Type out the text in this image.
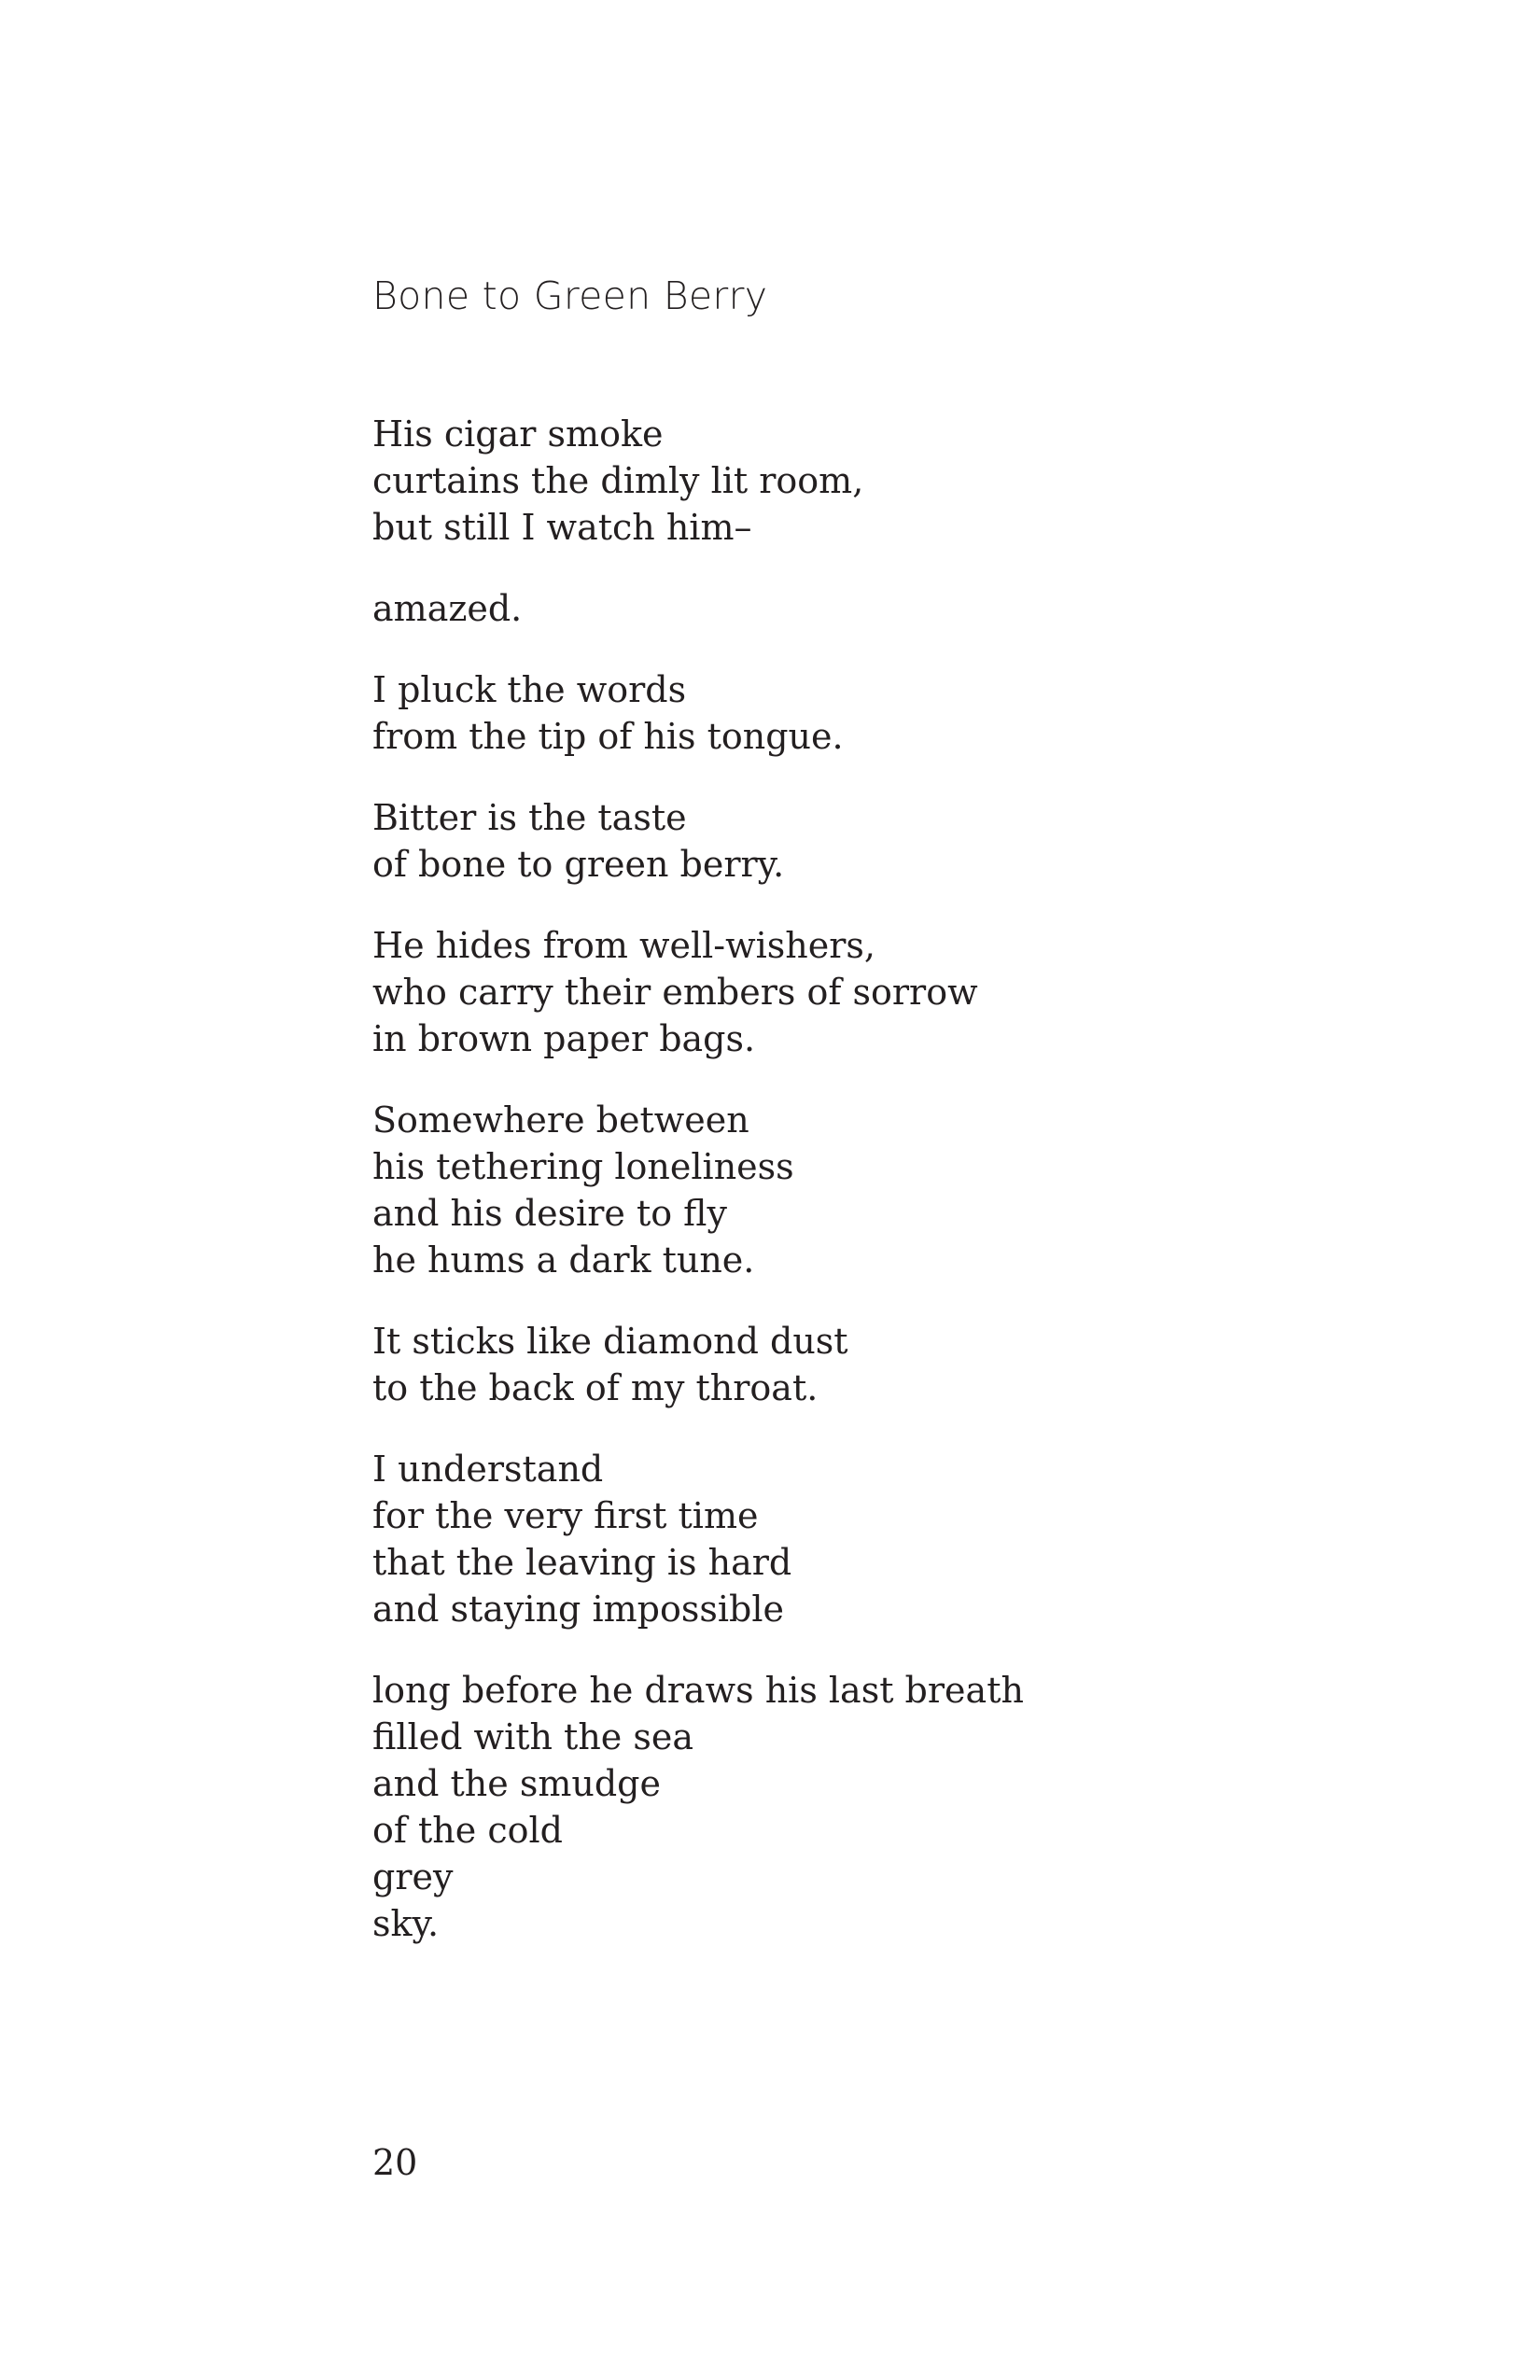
Bone to Green Berry
His cigar smoke
curtains the dimly lit room,
but still I watch him–
amazed.
I pluck the words
from the tip of his tongue.
Bitter is the taste
of bone to green berry.
He hides from well-wishers,
who carry their embers of sorrow
in brown paper bags.
Somewhere between
his tethering loneliness
and his desire to fly
he hums a dark tune.
It sticks like diamond dust
to the back of my throat.
I understand
for the very first time
that the leaving is hard
and staying impossible
long before he draws his last breath
filled with the sea
and the smudge
of the cold
grey
sky.
20
